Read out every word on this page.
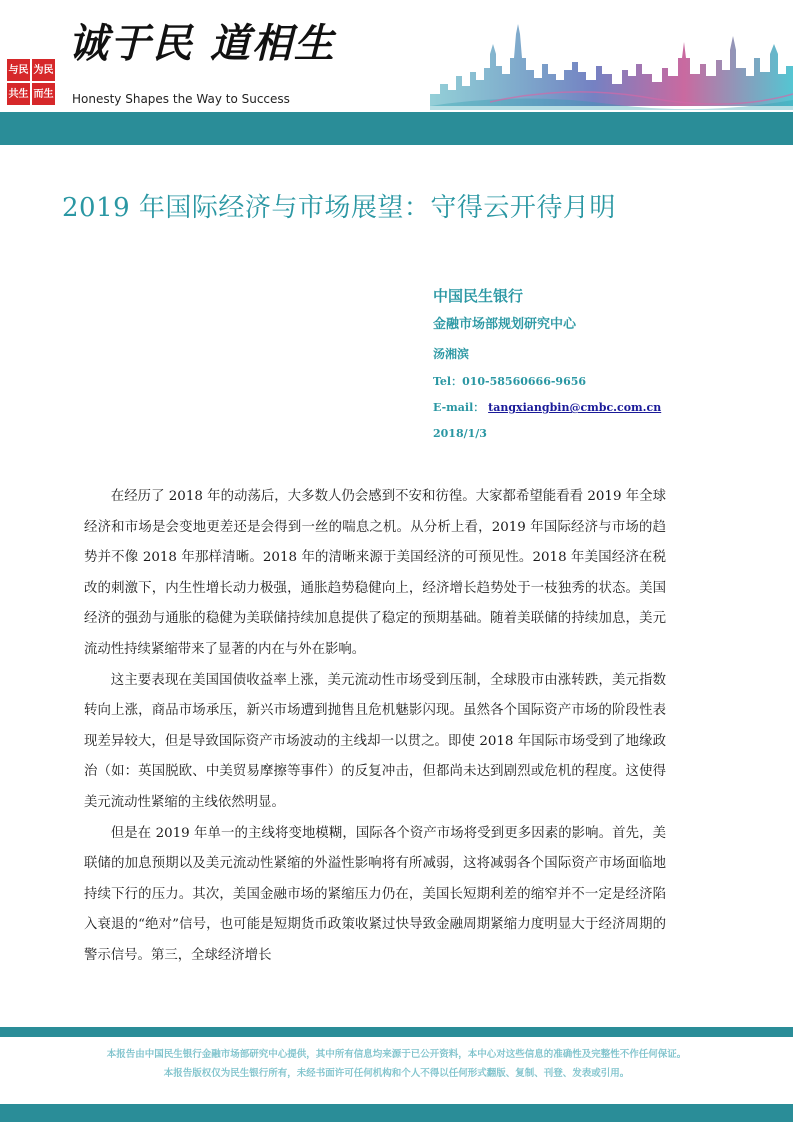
与民 为民
共生 而生
诚于民 道相生
Honesty Shapes the Way to Success
2019 年国际经济与市场展望：守得云开待月明
中国民生银行
金融市场部规划研究中心
汤湘滨
Tel：010-58560666-9656
E-mail： tangxiangbin@cmbc.com.cn
2018/1/3

在经历了 2018 年的动荡后，大多数人仍会感到不安和彷徨。大家都希望能看看 2019 年全球经济和市场是会变地更差还是会得到一丝的喘息之机。从分析上看，2019 年国际经济与市场的趋势并不像 2018 年那样清晰。2018 年的清晰来源于美国经济的可预见性。2018 年美国经济在税改的刺激下，内生性增长动力极强，通胀趋势稳健向上，经济增长趋势处于一枝独秀的状态。美国经济的强劲与通胀的稳健为美联储持续加息提供了稳定的预期基础。随着美联储的持续加息，美元流动性持续紧缩带来了显著的内在与外在影响。

这主要表现在美国国债收益率上涨，美元流动性市场受到压制，全球股市由涨转跌，美元指数转向上涨，商品市场承压，新兴市场遭到抛售且危机魅影闪现。虽然各个国际资产市场的阶段性表现差异较大，但是导致国际资产市场波动的主线却一以贯之。即使 2018 年国际市场受到了地缘政治（如：英国脱欧、中美贸易摩擦等事件）的反复冲击，但都尚未达到剧烈或危机的程度。这使得美元流动性紧缩的主线依然明显。

但是在 2019 年单一的主线将变地模糊，国际各个资产市场将受到更多因素的影响。首先，美联储的加息预期以及美元流动性紧缩的外溢性影响将有所减弱，这将减弱各个国际资产市场面临地持续下行的压力。其次，美国金融市场的紧缩压力仍在，美国长短期利差的缩窄并不一定是经济陷入衰退的“绝对”信号，也可能是短期货币政策收紧过快导致金融周期紧缩力度明显大于经济周期的警示信号。第三，全球经济增长

本报告由中国民生银行金融市场部研究中心提供，其中所有信息均来源于已公开资料，本中心对这些信息的准确性及完整性不作任何保证。
本报告版权仅为民生银行所有，未经书面许可任何机构和个人不得以任何形式翻版、复制、刊登、发表或引用。
